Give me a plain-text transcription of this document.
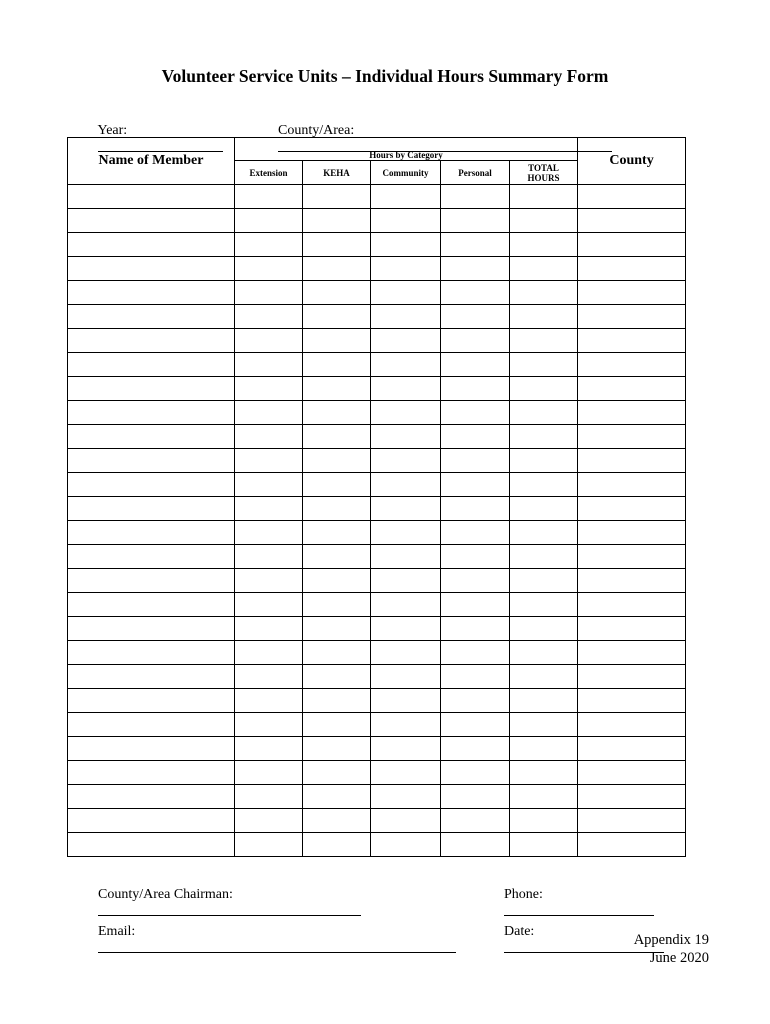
Volunteer Service Units – Individual Hours Summary Form

Year:
	County/Area:

Name of Member	Hours by Category					County
	Extension	KEHA	Community	Personal	TOTAL HOURS	

County/Area Chairman:
	Phone:

Email:
	Date:

Appendix 19
June 2020
